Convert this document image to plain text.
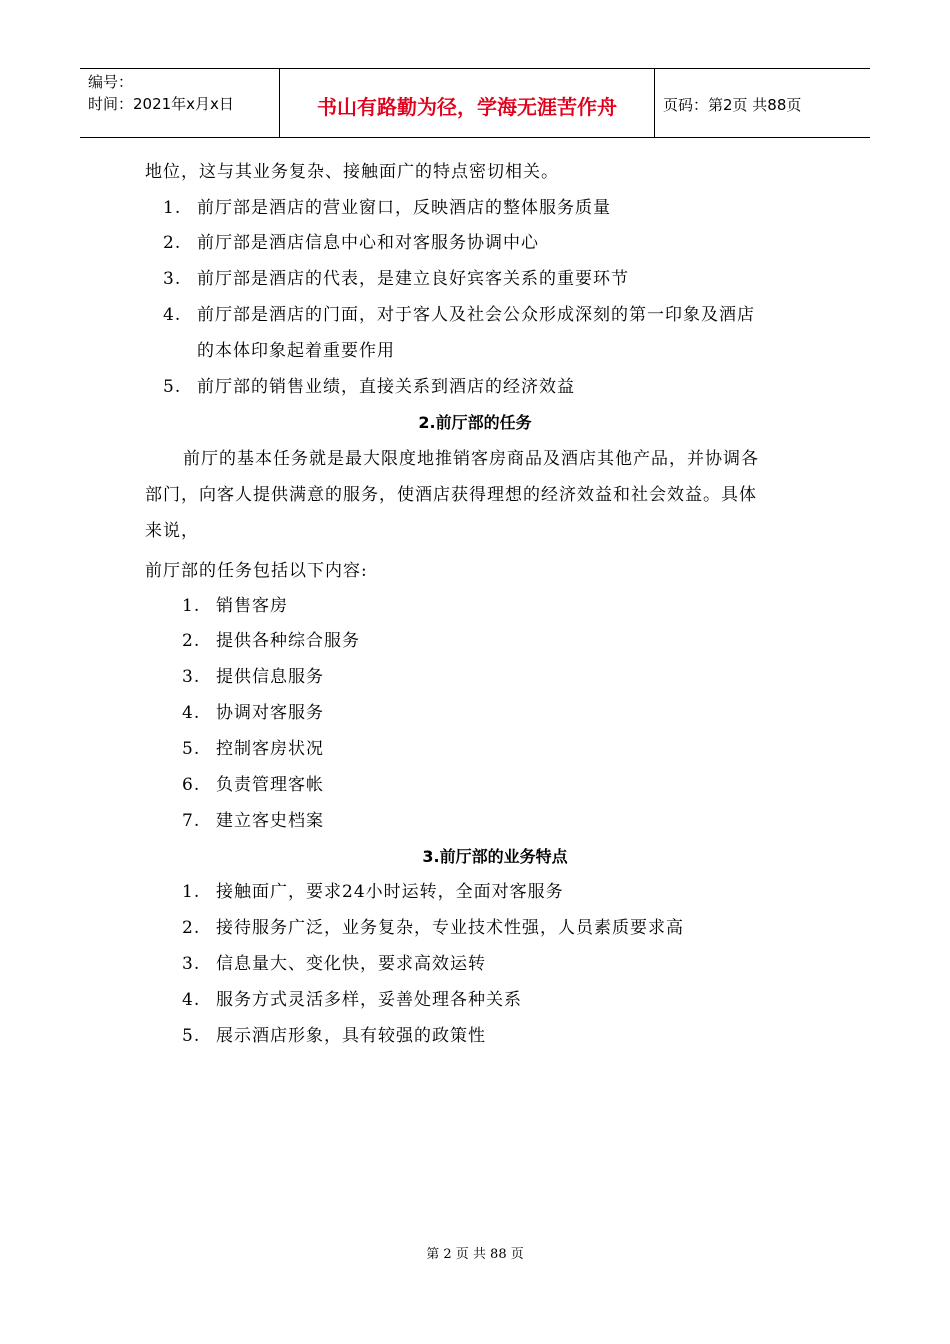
编号：
时间：2021年x月x日	书山有路勤为径，学海无涯苦作舟	页码：第2页 共88页
地位，这与其业务复杂、接触面广的特点密切相关。
1. 前厅部是酒店的营业窗口，反映酒店的整体服务质量
2. 前厅部是酒店信息中心和对客服务协调中心
3. 前厅部是酒店的代表，是建立良好宾客关系的重要环节
4. 前厅部是酒店的门面，对于客人及社会公众形成深刻的第一印象及酒店
的本体印象起着重要作用
5. 前厅部的销售业绩，直接关系到酒店的经济效益
2.前厅部的任务
前厅的基本任务就是最大限度地推销客房商品及酒店其他产品，并协调各
部门，向客人提供满意的服务，使酒店获得理想的经济效益和社会效益。具体
来说，
前厅部的任务包括以下内容:
1. 销售客房
2. 提供各种综合服务
3. 提供信息服务
4. 协调对客服务
5. 控制客房状况
6. 负责管理客帐
7. 建立客史档案
3.前厅部的业务特点
1. 接触面广，要求24小时运转，全面对客服务
2. 接待服务广泛，业务复杂，专业技术性强，人员素质要求高
3. 信息量大、变化快，要求高效运转
4. 服务方式灵活多样，妥善处理各种关系
5. 展示酒店形象，具有较强的政策性
第 2 页 共 88 页
